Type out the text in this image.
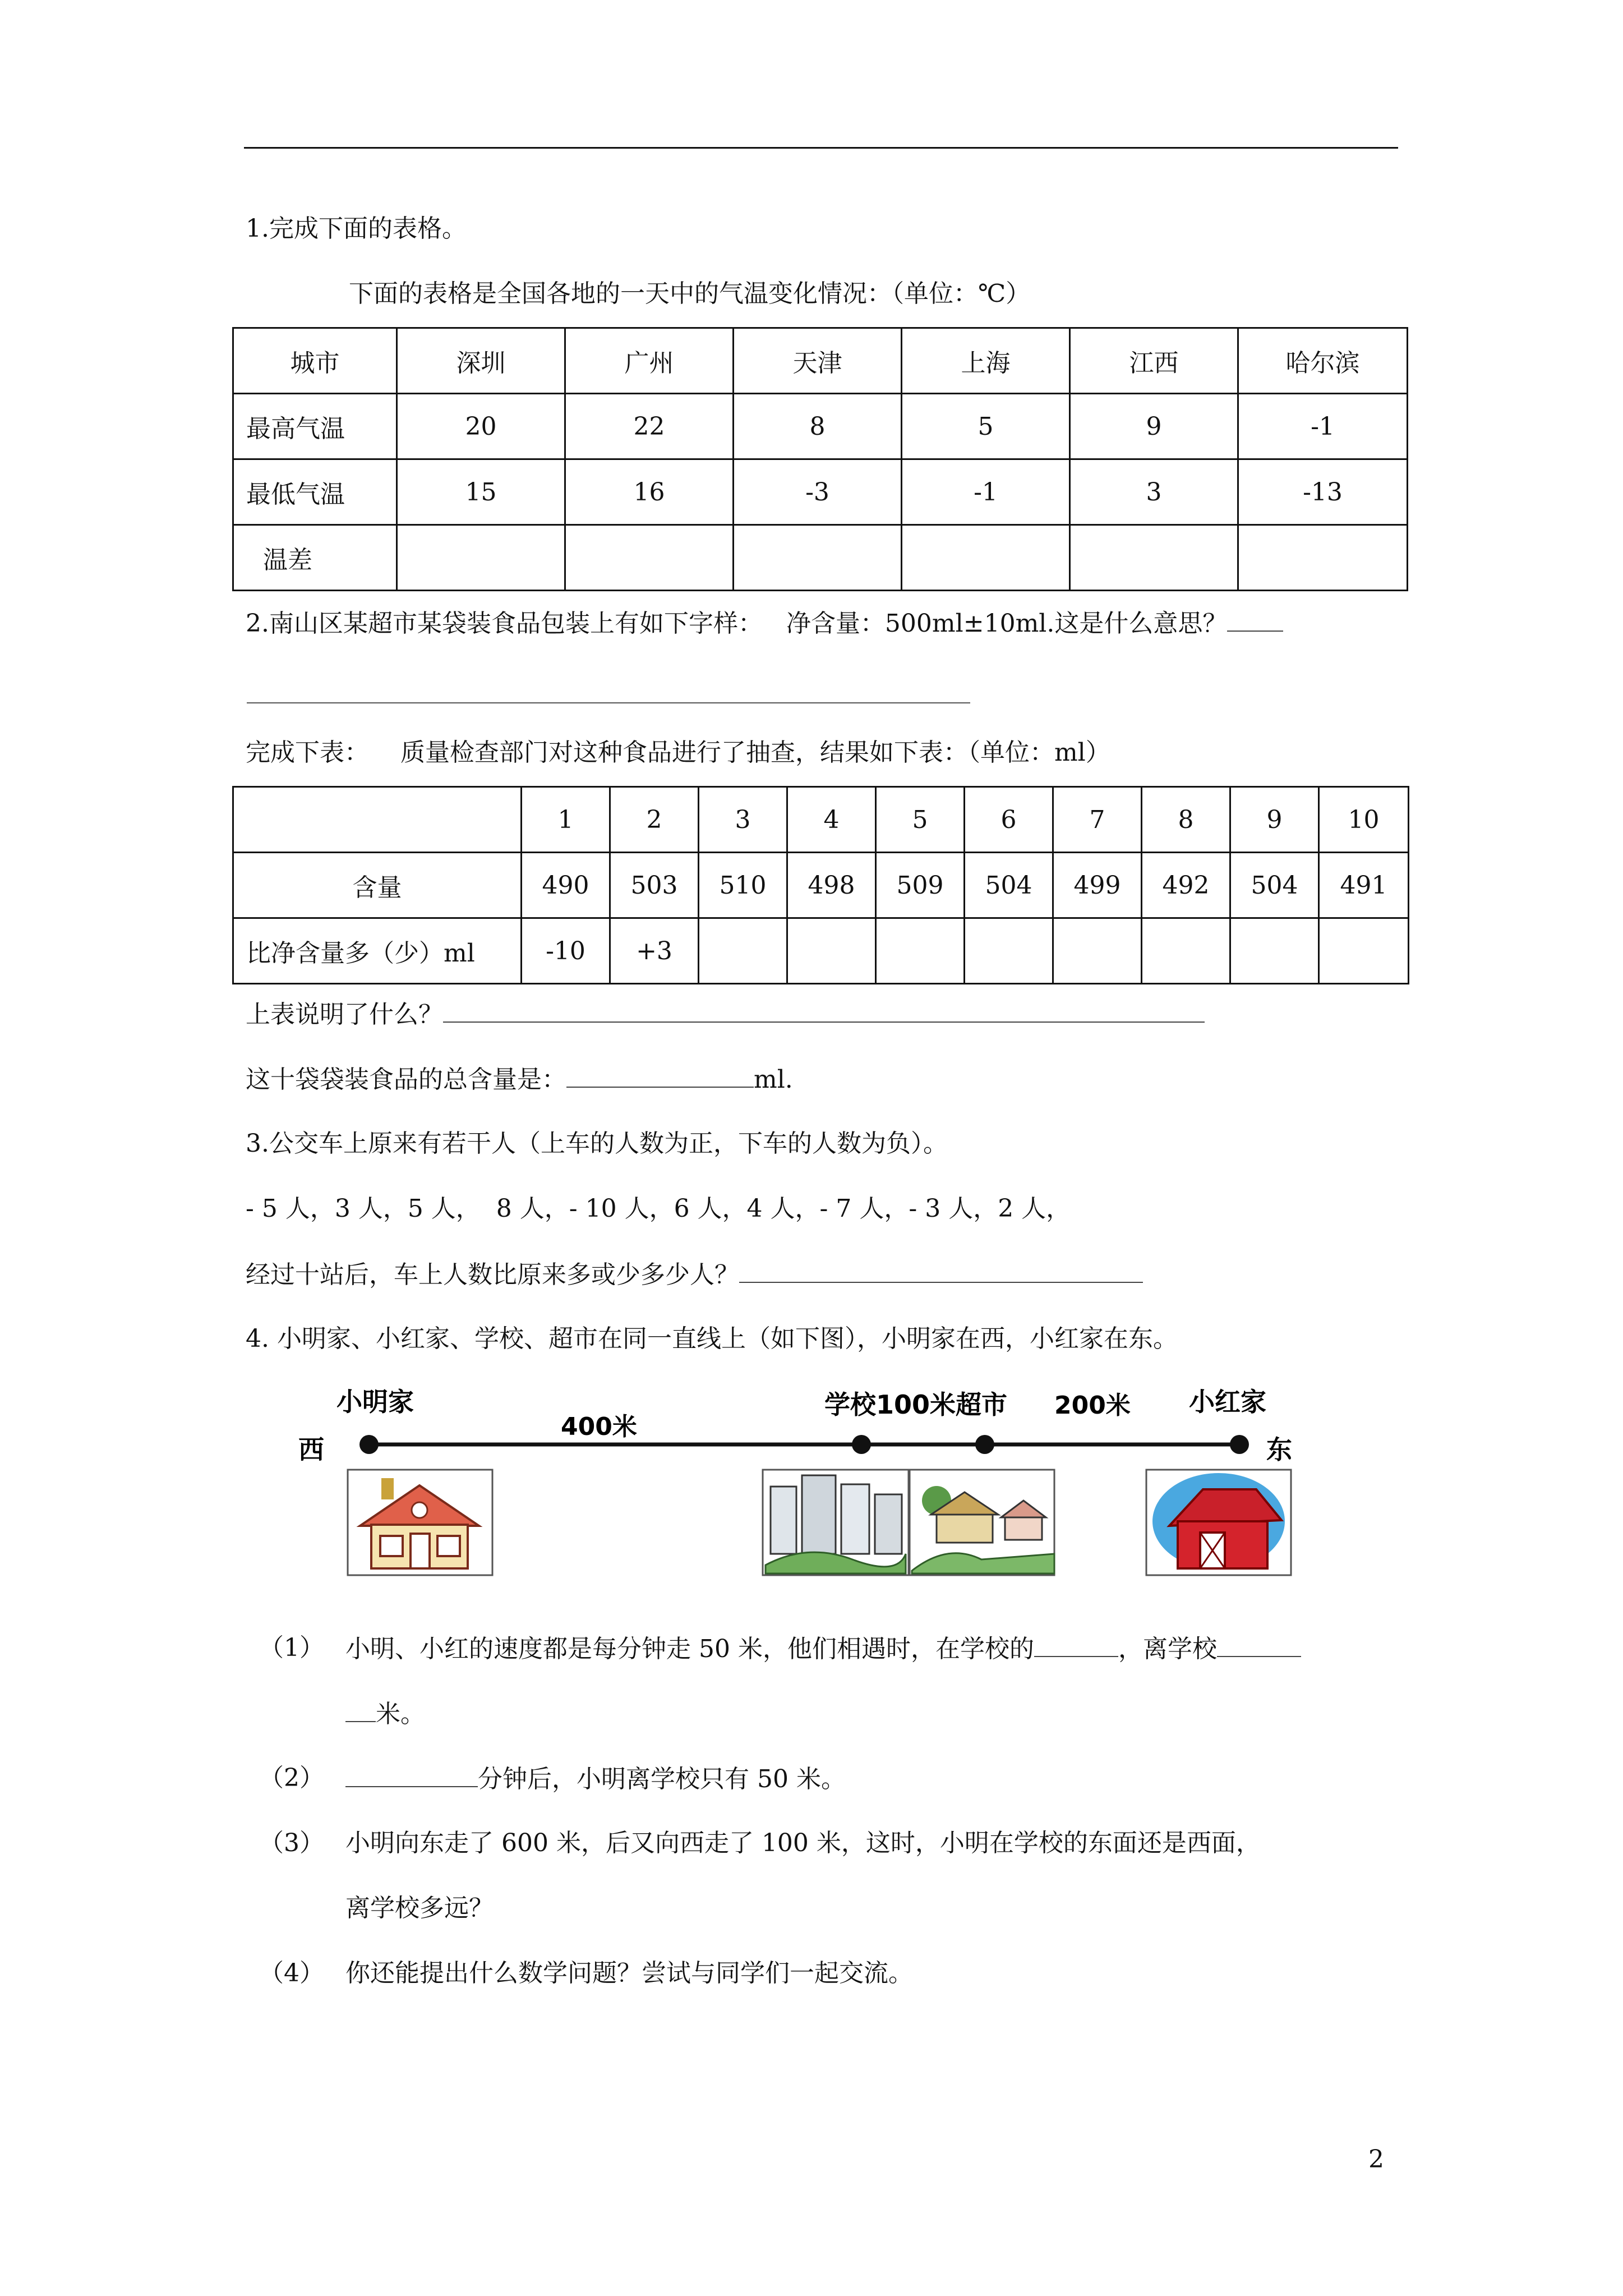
1.完成下面的表格。
下面的表格是全国各地的一天中的气温变化情况：（单位：℃）
城市	深圳	广州	天津	上海	江西	哈尔滨
最高气温	20	22	8	5	9	-1
最低气温	15	16	-3	-1	3	-13
温差						
2.南山区某超市某袋装食品包装上有如下字样：   净含量：500ml±10ml.这是什么意思？
完成下表：    质量检查部门对这种食品进行了抽查，结果如下表：（单位：ml）
	1	2	3	4	5	6	7	8	9	10
含量	490	503	510	498	509	504	499	492	504	491
比净含量多（少）ml	-10	+3								
上表说明了什么？
这十袋袋装食品的总含量是：	ml.
3.公交车上原来有若干人（上车的人数为正，下车的人数为负）。
- 5 人，3 人，5 人，  8 人，- 10 人，6 人，4 人，- 7 人，- 3 人，2 人，
经过十站后，车上人数比原来多或少多少人？
4. 小明家、小红家、学校、超市在同一直线上（如下图），小明家在西，小红家在东。
西
小明家
400米
学校100米超市 200米 小红家
东
（1） 小明、小红的速度都是每分钟走 50 米，他们相遇时，在学校的	，离学校
米。
（2）	分钟后，小明离学校只有 50 米。
（3） 小明向东走了 600 米，后又向西走了 100 米，这时，小明在学校的东面还是西面，
离学校多远？
（4） 你还能提出什么数学问题？尝试与同学们一起交流。
2
